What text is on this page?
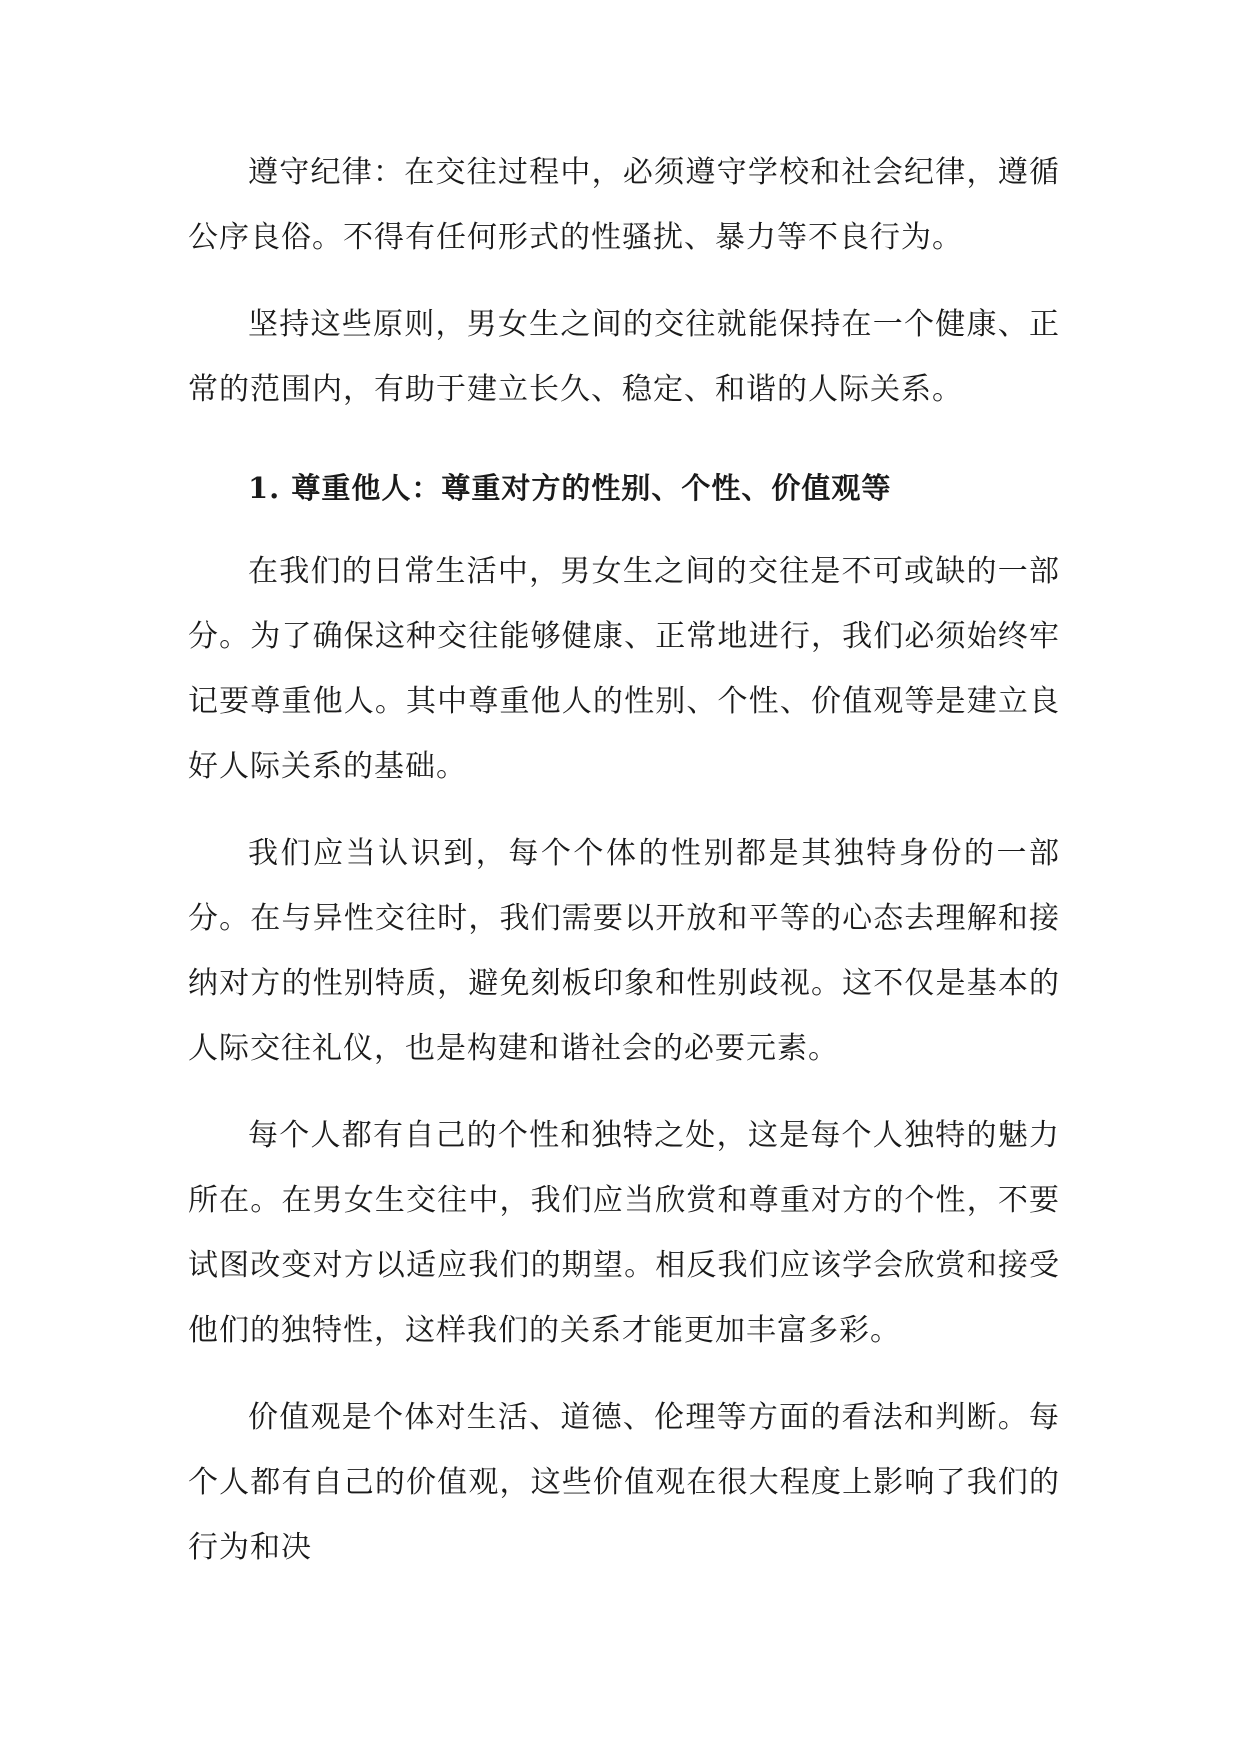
遵守纪律：在交往过程中，必须遵守学校和社会纪律，遵循公序良俗。不得有任何形式的性骚扰、暴力等不良行为。

坚持这些原则，男女生之间的交往就能保持在一个健康、正常的范围内，有助于建立长久、稳定、和谐的人际关系。

1. 尊重他人：尊重对方的性别、个性、价值观等

在我们的日常生活中，男女生之间的交往是不可或缺的一部分。为了确保这种交往能够健康、正常地进行，我们必须始终牢记要尊重他人。其中尊重他人的性别、个性、价值观等是建立良好人际关系的基础。

我们应当认识到，每个个体的性别都是其独特身份的一部分。在与异性交往时，我们需要以开放和平等的心态去理解和接纳对方的性别特质，避免刻板印象和性别歧视。这不仅是基本的人际交往礼仪，也是构建和谐社会的必要元素。

每个人都有自己的个性和独特之处，这是每个人独特的魅力所在。在男女生交往中，我们应当欣赏和尊重对方的个性，不要试图改变对方以适应我们的期望。相反我们应该学会欣赏和接受他们的独特性，这样我们的关系才能更加丰富多彩。

价值观是个体对生活、道德、伦理等方面的看法和判断。每个人都有自己的价值观，这些价值观在很大程度上影响了我们的行为和决
